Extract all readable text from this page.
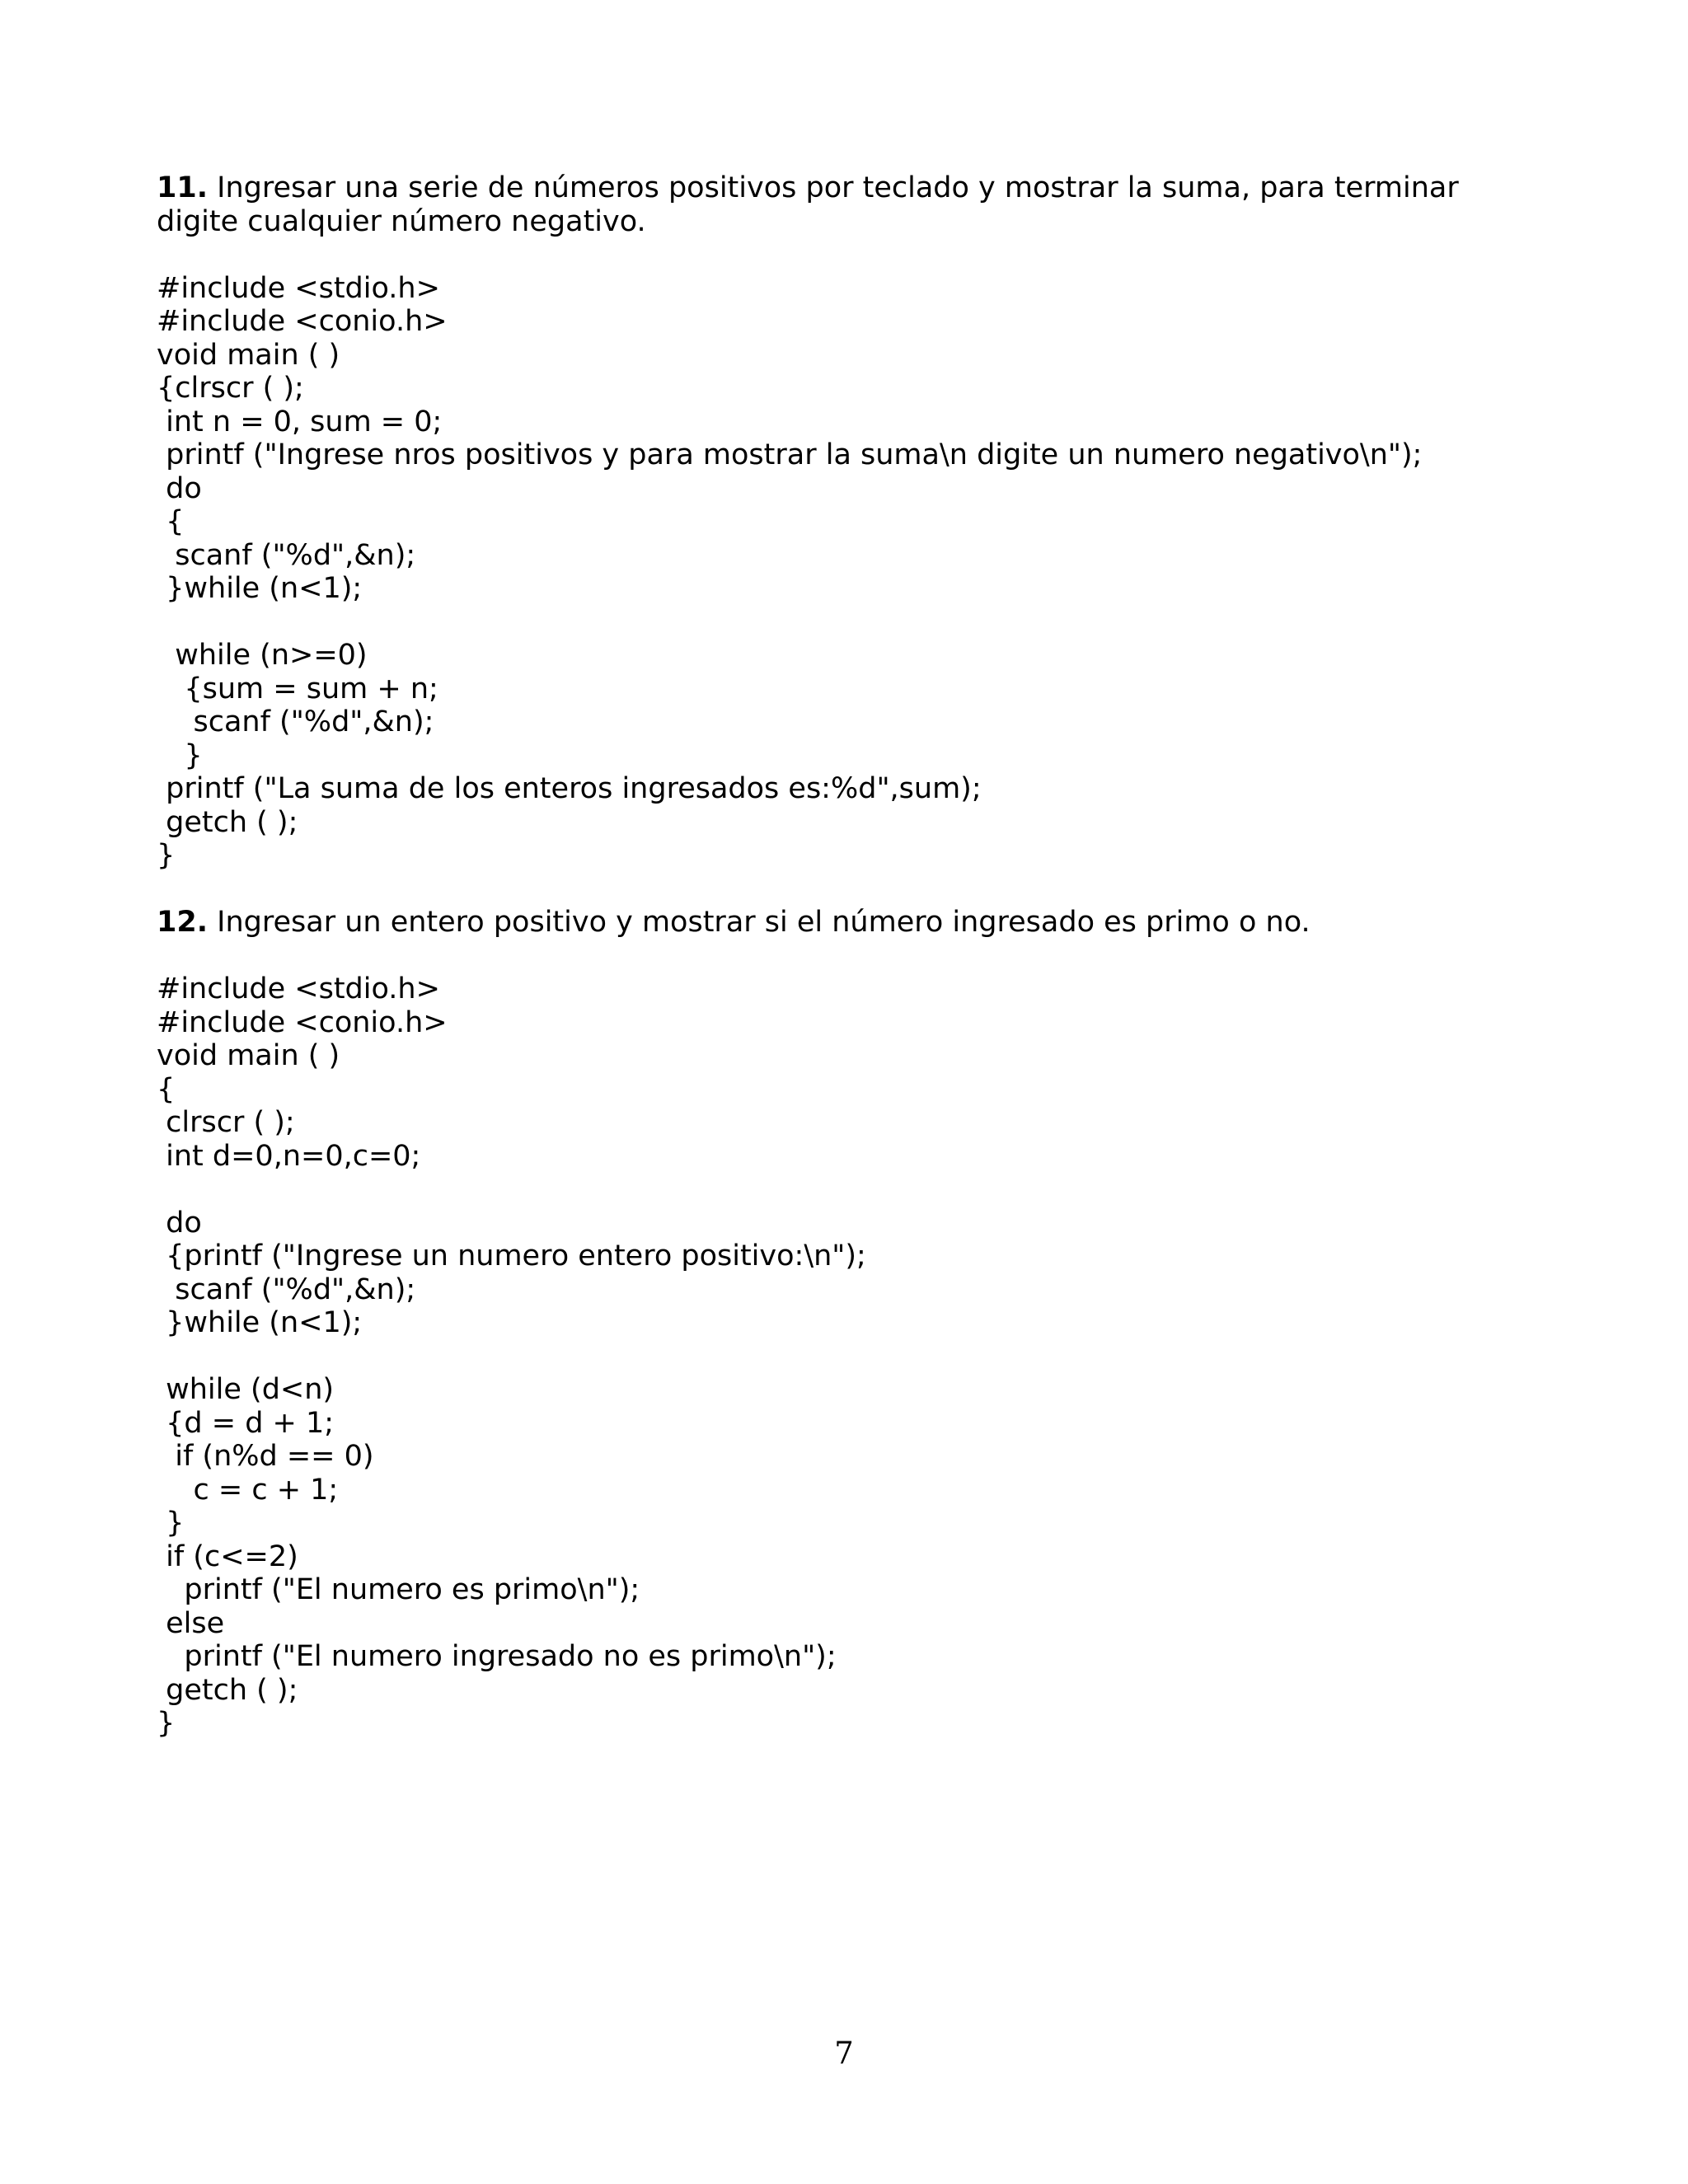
11. Ingresar una serie de números positivos por teclado y mostrar la suma, para terminar digite cualquier número negativo.

#include <stdio.h>
#include <conio.h>
void main ( )
{clrscr ( );
int n = 0, sum = 0;
printf ("Ingrese nros positivos y para mostrar la suma\n digite un numero negativo\n");
do
{
scanf ("%d",&n);
}while (n<1);

while (n>=0)
{sum = sum + n;
scanf ("%d",&n);
}
printf ("La suma de los enteros ingresados es:%d",sum);
getch ( );
}

12. Ingresar un entero positivo y mostrar si el número ingresado es primo o no.

#include <stdio.h>
#include <conio.h>
void main ( )
{
clrscr ( );
int d=0,n=0,c=0;

do
{printf ("Ingrese un numero entero positivo:\n");
scanf ("%d",&n);
}while (n<1);

while (d<n)
{d = d + 1;
if (n%d == 0)
c = c + 1;
}
if (c<=2)
printf ("El numero es primo\n");
else
printf ("El numero ingresado no es primo\n");
getch ( );
}
7
